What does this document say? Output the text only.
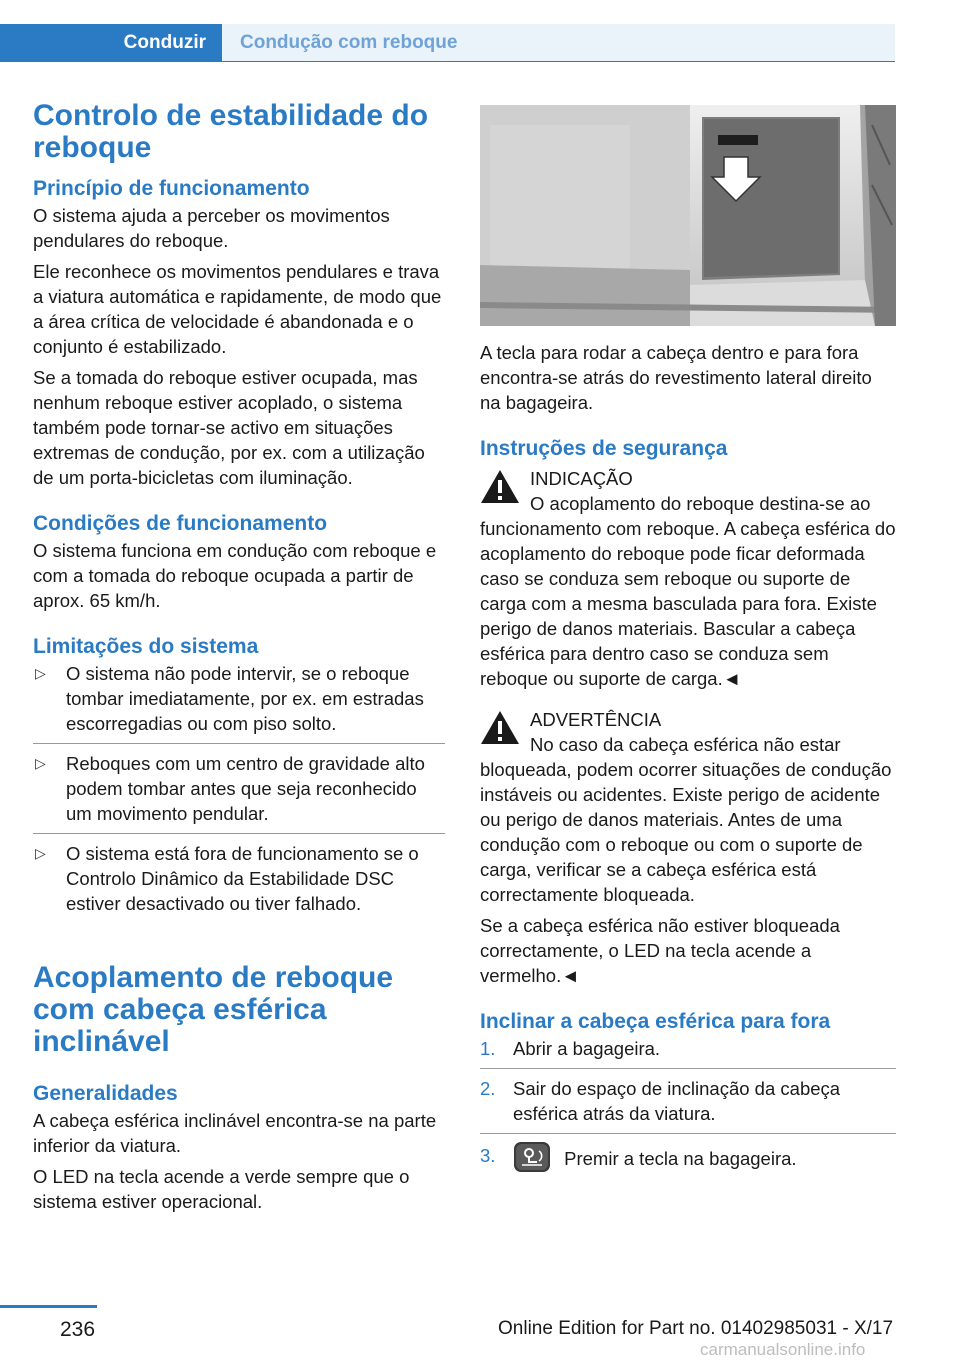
Conduzir	Condução com reboque
Controlo de estabilidade do reboque
Princípio de funcionamento

O sistema ajuda a perceber os movimentos pendulares do reboque.

Ele reconhece os movimentos pendulares e trava a viatura automática e rapidamente, de modo que a área crítica de velocidade é abandonada e o conjunto é estabilizado.

Se a tomada do reboque estiver ocupada, mas nenhum reboque estiver acoplado, o sistema também pode tornar-se activo em situações extremas de condução, por ex. com a utilização de um porta-bicicletas com iluminação.

Condições de funcionamento

O sistema funciona em condução com reboque e com a tomada do reboque ocupada a partir de aprox. 65 km/h.

Limitações do sistema
▷ O sistema não pode intervir, se o reboque tombar imediatamente, por ex. em estradas escorregadias ou com piso solto.
▷ Reboques com um centro de gravidade alto podem tombar antes que seja reconhecido um movimento pendular.
▷ O sistema está fora de funcionamento se o Controlo Dinâmico da Estabilidade DSC estiver desactivado ou tiver falhado.
Acoplamento de reboque com cabeça esférica inclinável
Generalidades

A cabeça esférica inclinável encontra-se na parte inferior da viatura.

O LED na tecla acende a verde sempre que o sistema estiver operacional.

A tecla para rodar a cabeça dentro e para fora encontra-se atrás do revestimento lateral direito na bagageira.

Instruções de segurança

INDICAÇÃO

O acoplamento do reboque destina-se ao funcionamento com reboque. A cabeça esférica do acoplamento do reboque pode ficar deformada caso se conduza sem reboque ou suporte de carga com a mesma basculada para fora. Existe perigo de danos materiais. Bascular a cabeça esférica para dentro caso se conduza sem reboque ou suporte de carga.◄

ADVERTÊNCIA

No caso da cabeça esférica não estar bloqueada, podem ocorrer situações de condução instáveis ou acidentes. Existe perigo de acidente ou perigo de danos materiais. Antes de uma condução com o reboque ou com o suporte de carga, verificar se a cabeça esférica está correctamente bloqueada.

Se a cabeça esférica não estiver bloqueada correctamente, o LED na tecla acende a vermelho.◄

Inclinar a cabeça esférica para fora
1. Abrir a bagageira.
2. Sair do espaço de inclinação da cabeça esférica atrás da viatura.
3.	Premir a tecla na bagageira.
236	Online Edition for Part no. 01402985031 - X/17
carmanualsonline.info
